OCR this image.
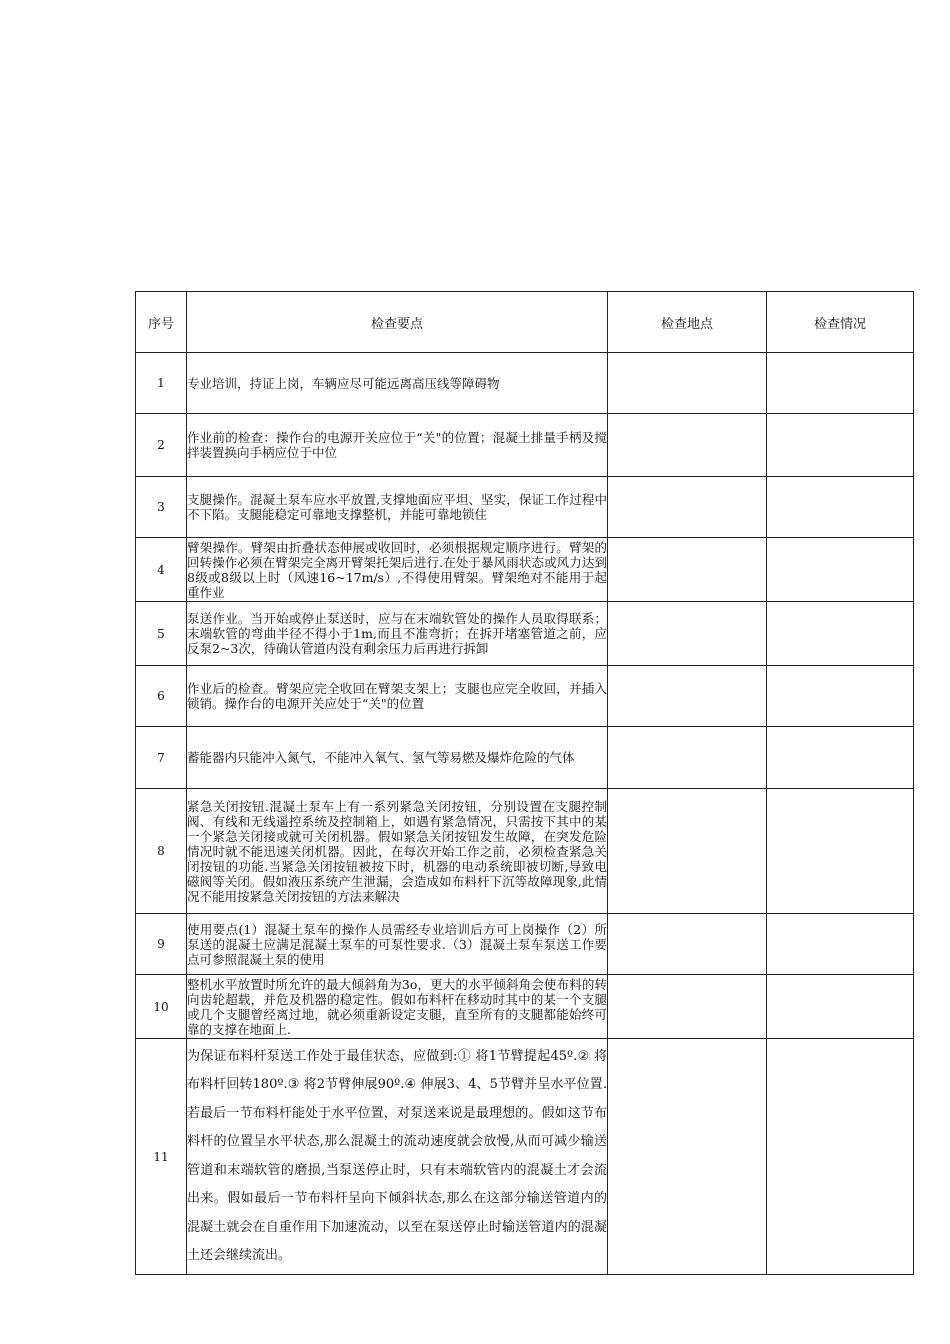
序号	检查要点	检查地点	检查情况
1	专业培训，持证上岗，车辆应尽可能远离高压线等障碍物		
2	作业前的检查：操作台的电源开关应位于“关"的位置；混凝土排量手柄及搅拌装置换向手柄应位于中位		
3	支腿操作。混凝土泵车应水平放置,支撑地面应平坦、坚实，保证工作过程中不下陷。支腿能稳定可靠地支撑整机，并能可靠地锁住		
4	臂架操作。臂架由折叠状态伸展或收回时，必须根据规定顺序进行。臂架的回转操作必须在臂架完全离开臂架托架后进行.在处于暴风雨状态或风力达到8级或8级以上时（风速16~17m/s）,不得使用臂架。臂架绝对不能用于起重作业		
5	泵送作业。当开始或停止泵送时，应与在末端软管处的操作人员取得联系；末端软管的弯曲半径不得小于1m,而且不准弯折；在拆开堵塞管道之前，应反泵2~3次，待确认管道内没有剩余压力后再进行拆卸		
6	作业后的检查。臂架应完全收回在臂架支架上；支腿也应完全收回，并插入锁销。操作台的电源开关应处于“关"的位置		
7	蓄能器内只能冲入氮气，不能冲入氧气、氢气等易燃及爆炸危险的气体		
8	紧急关闭按钮.混凝土泵车上有一系列紧急关闭按钮，分别设置在支腿控制阀、有线和无线遥控系统及控制箱上，如遇有紧急情况，只需按下其中的某一个紧急关闭接或就可关闭机器。假如紧急关闭按钮发生故障，在突发危险情况时就不能迅速关闭机器。因此，在每次开始工作之前，必须检查紧急关闭按钮的功能.当紧急关闭按钮被按下时，机器的电动系统即被切断,导致电磁阀等关闭。假如液压系统产生泄漏，会造成如布料杆下沉等故障现象,此情况不能用按紧急关闭按钮的方法来解决		
9	使用要点(1）混凝土泵车的操作人员需经专业培训后方可上岗操作（2）所泵送的混凝土应满足混凝土泵车的可泵性要求.（3）混凝土泵车泵送工作要点可参照混凝土泵的使用		
10	整机水平放置时所允许的最大倾斜角为3o，更大的水平倾斜角会使布料的转向齿轮超载，并危及机器的稳定性。假如布料杆在移动时其中的某一个支腿或几个支腿曾经离过地，就必须重新设定支腿，直至所有的支腿都能始终可靠的支撑在地面上.		
11	为保证布料杆泵送工作处于最佳状态，应做到:① 将1节臂提起45º.② 将布料杆回转180º.③ 将2节臂伸展90º.④ 伸展3、4、5节臂并呈水平位置.若最后一节布料杆能处于水平位置，对泵送来说是最理想的。假如这节布料杆的位置呈水平状态,那么混凝土的流动速度就会放慢,从而可减少输送管道和末端软管的磨损,当泵送停止时，只有末端软管内的混凝土才会流出来。假如最后一节布料杆呈向下倾斜状态,那么在这部分输送管道内的混凝土就会在自重作用下加速流动，以至在泵送停止时输送管道内的混凝土还会继续流出。		
